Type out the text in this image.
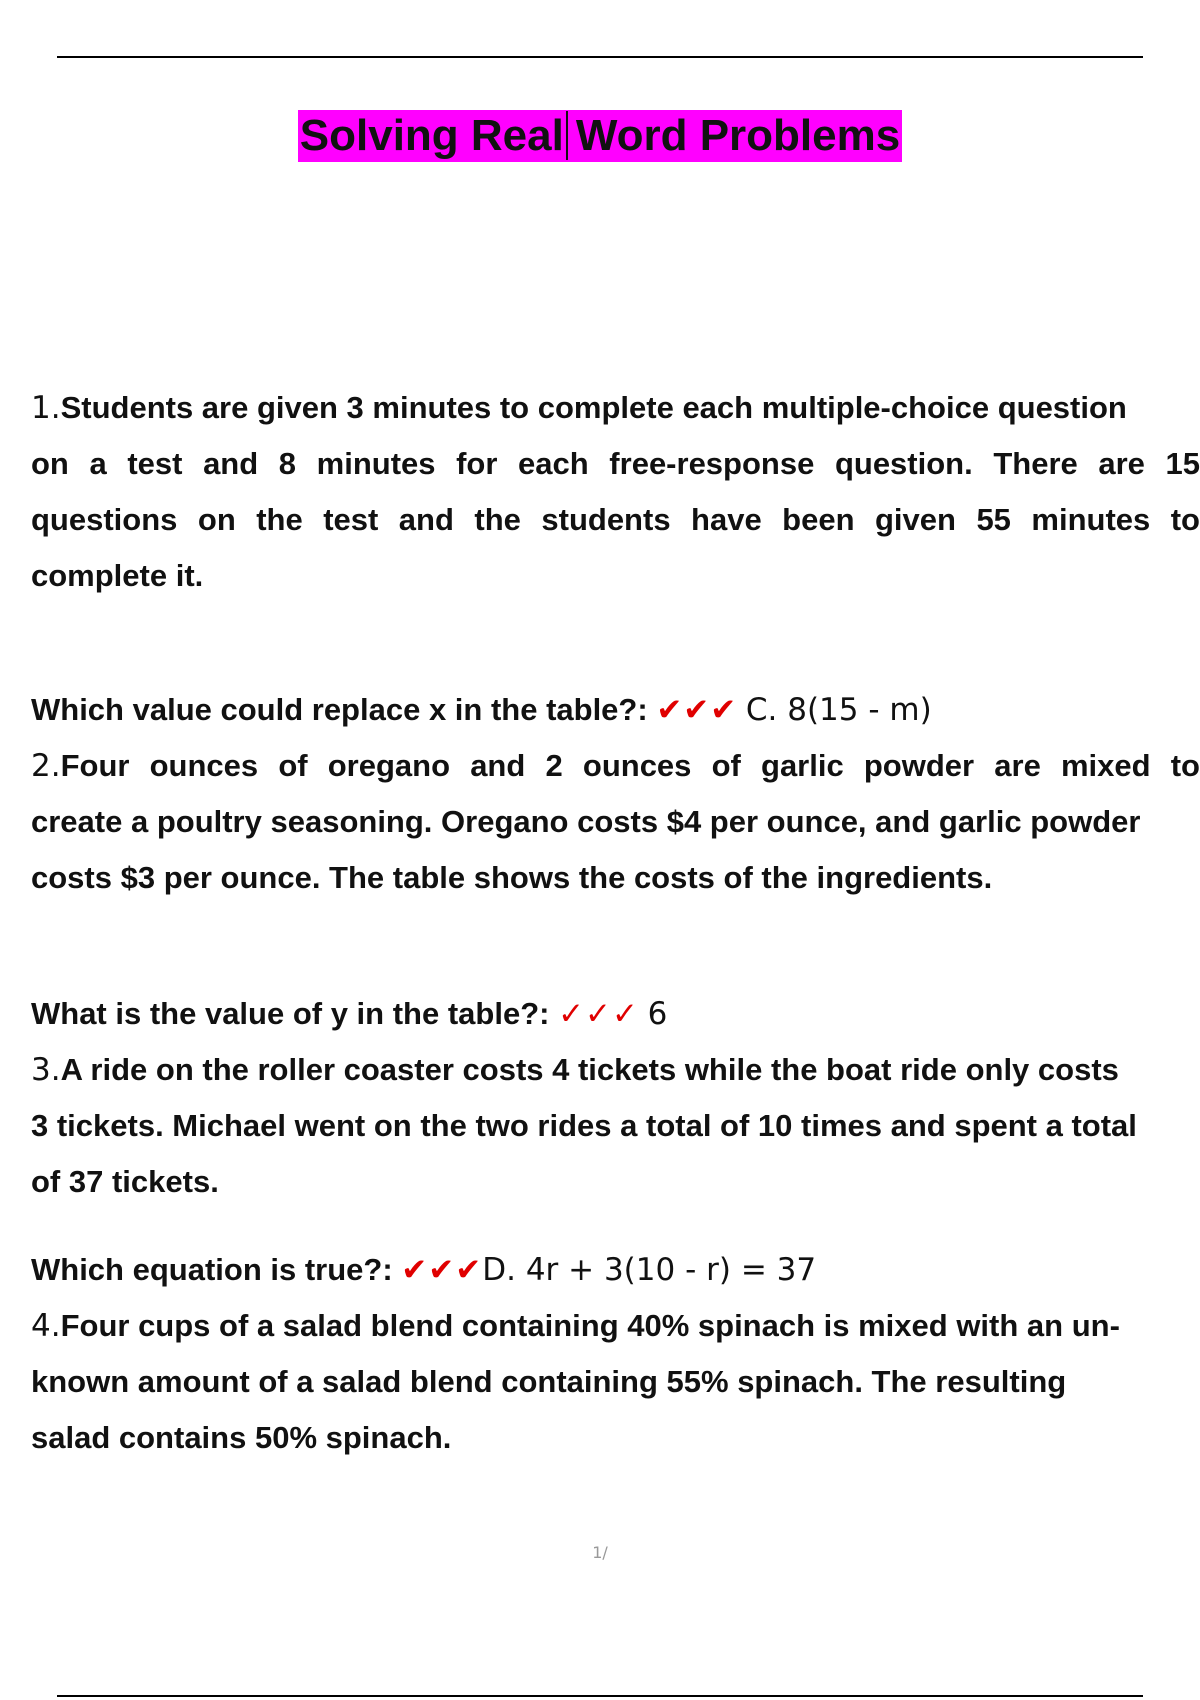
Solving Real Word Problems
1. Students are given 3 minutes to complete each multiple-choice question
on a test and 8 minutes for each free-response question. There are 15
questions on the test and the students have been given 55 minutes to
complete it.
Which value could replace x in the table?: ✔✔✔ C. 8(15 - m)
2. Four ounces of oregano and 2 ounces of garlic powder are mixed to
create a poultry seasoning. Oregano costs $4 per ounce, and garlic powder
costs $3 per ounce. The table shows the costs of the ingredients.
What is the value of y in the table?: ✓✓✓ 6
3. A ride on the roller coaster costs 4 tickets while the boat ride only costs
3 tickets. Michael went on the two rides a total of 10 times and spent a total
of 37 tickets.
Which equation is true?: ✔✔✔D. 4r + 3(10 - r) = 37
4. Four cups of a salad blend containing 40% spinach is mixed with an un-
known amount of a salad blend containing 55% spinach. The resulting
salad contains 50% spinach.
1/
